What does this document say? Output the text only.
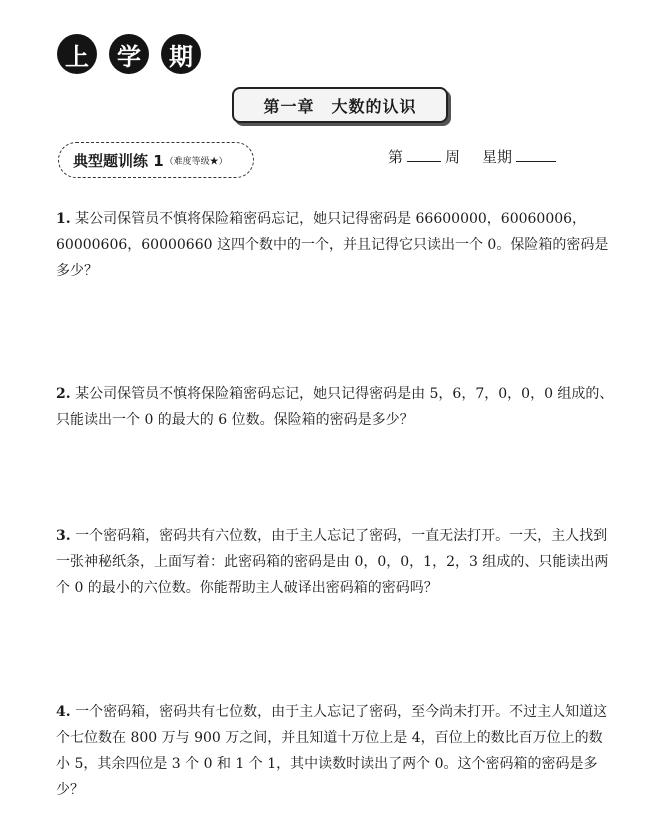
上	学	期
第一章　大数的认识
典型题训练 1 （难度等级★）	第	周 星期
1. 某公司保管员不慎将保险箱密码忘记，她只记得密码是 66600000，60060006，60000606，60000660 这四个数中的一个，并且记得它只读出一个 0。保险箱的密码是多少？
2. 某公司保管员不慎将保险箱密码忘记，她只记得密码是由 5，6，7，0，0，0 组成的、只能读出一个 0 的最大的 6 位数。保险箱的密码是多少？
3. 一个密码箱，密码共有六位数，由于主人忘记了密码，一直无法打开。一天，主人找到一张神秘纸条，上面写着：此密码箱的密码是由 0，0，0，1，2，3 组成的、只能读出两个 0 的最小的六位数。你能帮助主人破译出密码箱的密码吗？
4. 一个密码箱，密码共有七位数，由于主人忘记了密码，至今尚未打开。不过主人知道这个七位数在 800 万与 900 万之间，并且知道十万位上是 4，百位上的数比百万位上的数小 5，其余四位是 3 个 0 和 1 个 1，其中读数时读出了两个 0。这个密码箱的密码是多少？
